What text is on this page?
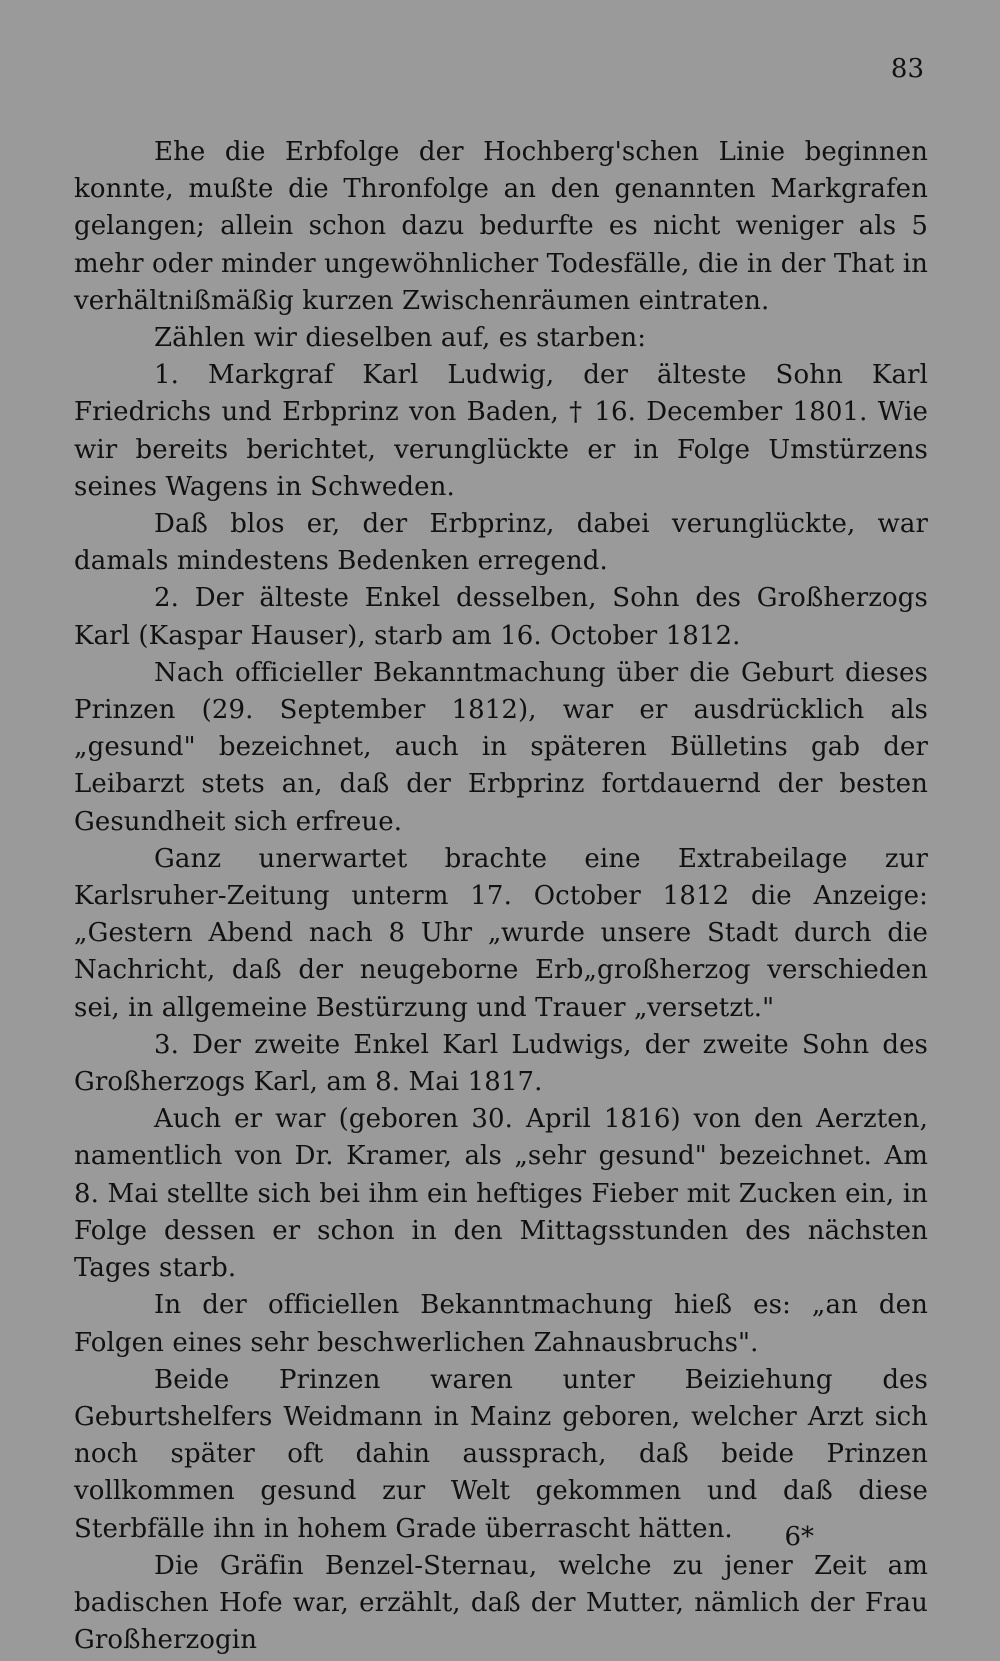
83

Ehe die Erbfolge der Hochberg'schen Linie beginnen konnte, mußte die Thronfolge an den genannten Markgrafen gelangen; allein schon dazu bedurfte es nicht weniger als 5 mehr oder minder ungewöhnlicher Todesfälle, die in der That in verhältnißmäßig kurzen Zwischenräumen eintraten.

Zählen wir dieselben auf, es starben:

1. Markgraf Karl Ludwig, der älteste Sohn Karl Friedrichs und Erbprinz von Baden, † 16. December 1801. Wie wir bereits berichtet, verunglückte er in Folge Umstürzens seines Wagens in Schweden.

Daß blos er, der Erbprinz, dabei verunglückte, war damals mindestens Bedenken erregend.

2. Der älteste Enkel desselben, Sohn des Großherzogs Karl (Kaspar Hauser), starb am 16. October 1812.

Nach officieller Bekanntmachung über die Geburt dieses Prinzen (29. September 1812), war er ausdrücklich als „gesund" bezeichnet, auch in späteren Bülletins gab der Leibarzt stets an, daß der Erbprinz fortdauernd der besten Gesundheit sich erfreue.

Ganz unerwartet brachte eine Extrabeilage zur Karlsruher-Zeitung unterm 17. October 1812 die Anzeige: „Gestern Abend nach 8 Uhr „wurde unsere Stadt durch die Nachricht, daß der neugeborne Erb„großherzog verschieden sei, in allgemeine Bestürzung und Trauer „versetzt."

3. Der zweite Enkel Karl Ludwigs, der zweite Sohn des Großherzogs Karl, am 8. Mai 1817.

Auch er war (geboren 30. April 1816) von den Aerzten, namentlich von Dr. Kramer, als „sehr gesund" bezeichnet. Am 8. Mai stellte sich bei ihm ein heftiges Fieber mit Zucken ein, in Folge dessen er schon in den Mittagsstunden des nächsten Tages starb.

In der officiellen Bekanntmachung hieß es: „an den Folgen eines sehr beschwerlichen Zahnausbruchs".

Beide Prinzen waren unter Beiziehung des Geburtshelfers Weidmann in Mainz geboren, welcher Arzt sich noch später oft dahin aussprach, daß beide Prinzen vollkommen gesund zur Welt gekommen und daß diese Sterbfälle ihn in hohem Grade überrascht hätten.

Die Gräfin Benzel-Sternau, welche zu jener Zeit am badischen Hofe war, erzählt, daß der Mutter, nämlich der Frau Großherzogin

6*
